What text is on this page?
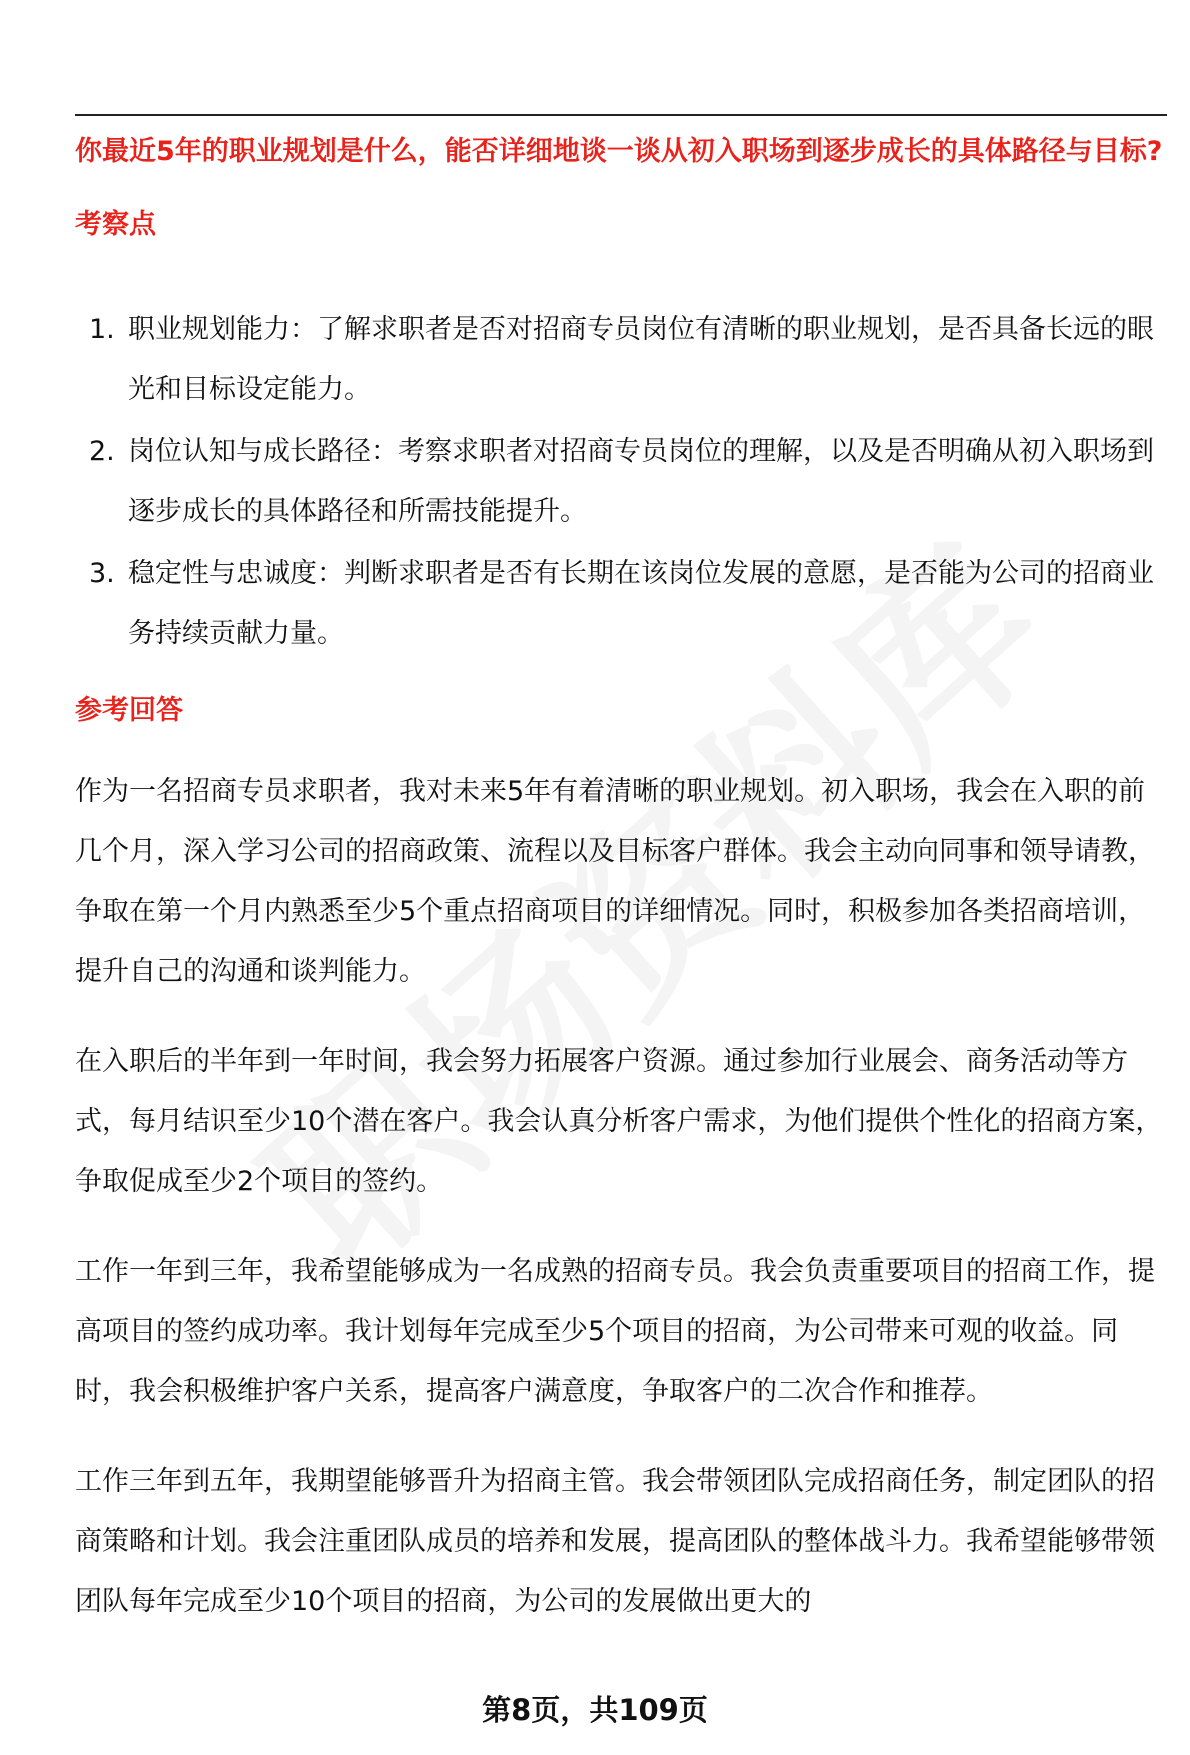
你最近5年的职业规划是什么，能否详细地谈一谈从初入职场到逐步成长的具体路径与目标?
考察点
1. 职业规划能力：了解求职者是否对招商专员岗位有清晰的职业规划，是否具备长远的眼光和目标设定能力。
2. 岗位认知与成长路径：考察求职者对招商专员岗位的理解，以及是否明确从初入职场到逐步成长的具体路径和所需技能提升。
3. 稳定性与忠诚度：判断求职者是否有长期在该岗位发展的意愿，是否能为公司的招商业务持续贡献力量。
参考回答

作为一名招商专员求职者，我对未来5年有着清晰的职业规划。初入职场，我会在入职的前几个月，深入学习公司的招商政策、流程以及目标客户群体。我会主动向同事和领导请教，争取在第一个月内熟悉至少5个重点招商项目的详细情况。同时，积极参加各类招商培训，提升自己的沟通和谈判能力。

在入职后的半年到一年时间，我会努力拓展客户资源。通过参加行业展会、商务活动等方式，每月结识至少10个潜在客户。我会认真分析客户需求，为他们提供个性化的招商方案，争取促成至少2个项目的签约。

工作一年到三年，我希望能够成为一名成熟的招商专员。我会负责重要项目的招商工作，提高项目的签约成功率。我计划每年完成至少5个项目的招商，为公司带来可观的收益。同时，我会积极维护客户关系，提高客户满意度，争取客户的二次合作和推荐。

工作三年到五年，我期望能够晋升为招商主管。我会带领团队完成招商任务，制定团队的招商策略和计划。我会注重团队成员的培养和发展，提高团队的整体战斗力。我希望能够带领团队每年完成至少10个项目的招商，为公司的发展做出更大的

第8页，共109页
